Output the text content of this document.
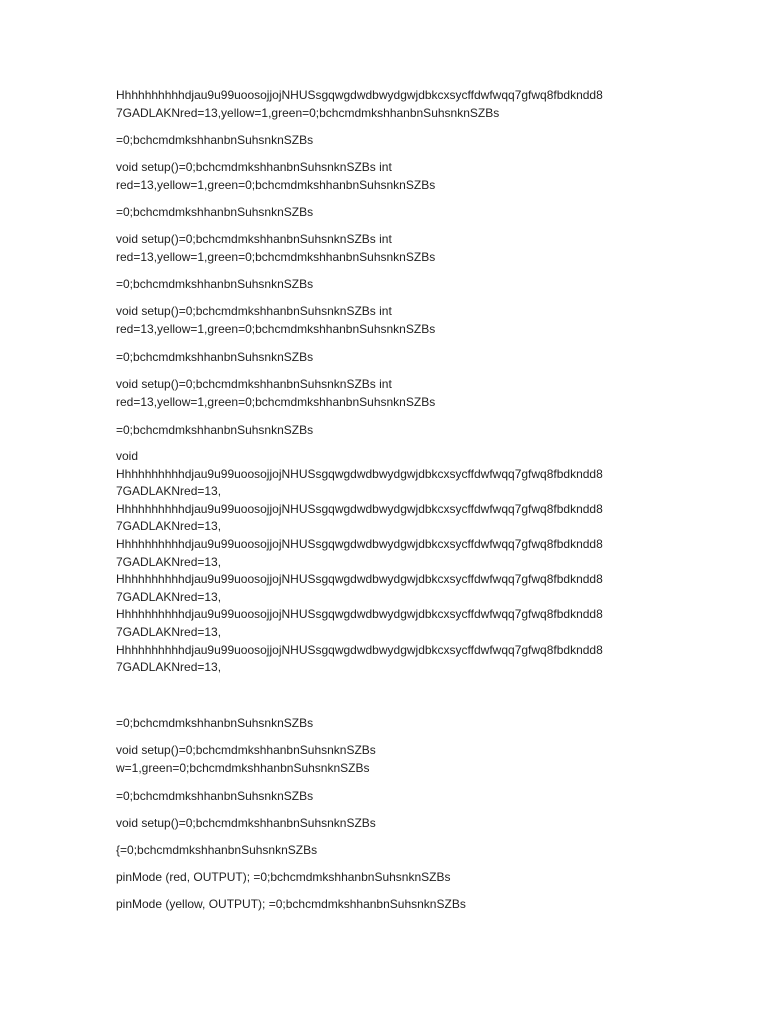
Hhhhhhhhhhdjau9u99uoosojjojNHUSsgqwgdwdbwydgwjdbkcxsycffdwfwqq7gfwq8fbdkndd8
7GADLAKNred=13,yellow=1,green=0;bchcmdmkshhanbnSuhsnknSZBs
=0;bchcmdmkshhanbnSuhsnknSZBs
void setup()=0;bchcmdmkshhanbnSuhsnknSZBs int
red=13,yellow=1,green=0;bchcmdmkshhanbnSuhsnknSZBs
=0;bchcmdmkshhanbnSuhsnknSZBs
void setup()=0;bchcmdmkshhanbnSuhsnknSZBs int
red=13,yellow=1,green=0;bchcmdmkshhanbnSuhsnknSZBs
=0;bchcmdmkshhanbnSuhsnknSZBs
void setup()=0;bchcmdmkshhanbnSuhsnknSZBs int
red=13,yellow=1,green=0;bchcmdmkshhanbnSuhsnknSZBs
=0;bchcmdmkshhanbnSuhsnknSZBs
void setup()=0;bchcmdmkshhanbnSuhsnknSZBs int
red=13,yellow=1,green=0;bchcmdmkshhanbnSuhsnknSZBs
=0;bchcmdmkshhanbnSuhsnknSZBs
void
Hhhhhhhhhhdjau9u99uoosojjojNHUSsgqwgdwdbwydgwjdbkcxsycffdwfwqq7gfwq8fbdkndd8
7GADLAKNred=13,
Hhhhhhhhhhdjau9u99uoosojjojNHUSsgqwgdwdbwydgwjdbkcxsycffdwfwqq7gfwq8fbdkndd8
7GADLAKNred=13,
Hhhhhhhhhhdjau9u99uoosojjojNHUSsgqwgdwdbwydgwjdbkcxsycffdwfwqq7gfwq8fbdkndd8
7GADLAKNred=13,
Hhhhhhhhhhdjau9u99uoosojjojNHUSsgqwgdwdbwydgwjdbkcxsycffdwfwqq7gfwq8fbdkndd8
7GADLAKNred=13,
Hhhhhhhhhhdjau9u99uoosojjojNHUSsgqwgdwdbwydgwjdbkcxsycffdwfwqq7gfwq8fbdkndd8
7GADLAKNred=13,
Hhhhhhhhhhdjau9u99uoosojjojNHUSsgqwgdwdbwydgwjdbkcxsycffdwfwqq7gfwq8fbdkndd8
7GADLAKNred=13,
=0;bchcmdmkshhanbnSuhsnknSZBs
void setup()=0;bchcmdmkshhanbnSuhsnknSZBs
w=1,green=0;bchcmdmkshhanbnSuhsnknSZBs
=0;bchcmdmkshhanbnSuhsnknSZBs
void setup()=0;bchcmdmkshhanbnSuhsnknSZBs
{=0;bchcmdmkshhanbnSuhsnknSZBs
pinMode (red, OUTPUT); =0;bchcmdmkshhanbnSuhsnknSZBs
pinMode (yellow, OUTPUT); =0;bchcmdmkshhanbnSuhsnknSZBs
